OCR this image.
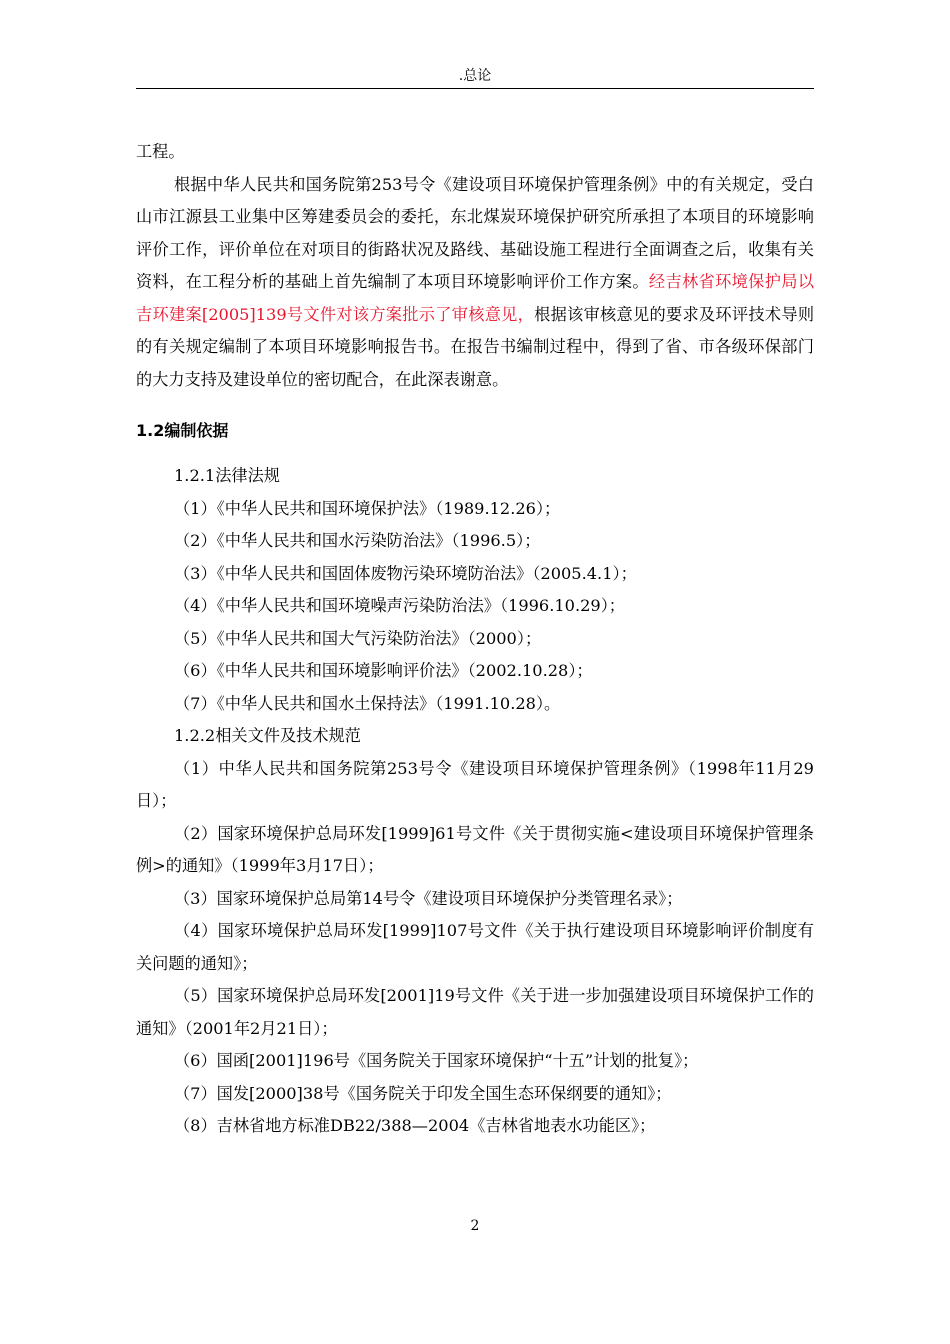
.总论

工程。

根据中华人民共和国务院第253号令《建设项目环境保护管理条例》中的有关规定，受白山市江源县工业集中区筹建委员会的委托，东北煤炭环境保护研究所承担了本项目的环境影响评价工作，评价单位在对项目的街路状况及路线、基础设施工程进行全面调查之后，收集有关资料，在工程分析的基础上首先编制了本项目环境影响评价工作方案。经吉林省环境保护局以吉环建案[2005]139号文件对该方案批示了审核意见，根据该审核意见的要求及环评技术导则的有关规定编制了本项目环境影响报告书。在报告书编制过程中，得到了省、市各级环保部门的大力支持及建设单位的密切配合，在此深表谢意。

1.2编制依据

1.2.1法律法规

（1）《中华人民共和国环境保护法》（1989.12.26）；

（2）《中华人民共和国水污染防治法》（1996.5）；

（3）《中华人民共和国固体废物污染环境防治法》（2005.4.1）；

（4）《中华人民共和国环境噪声污染防治法》（1996.10.29）；

（5）《中华人民共和国大气污染防治法》（2000）；

（6）《中华人民共和国环境影响评价法》（2002.10.28）；

（7）《中华人民共和国水土保持法》（1991.10.28）。

1.2.2相关文件及技术规范

（1）中华人民共和国务院第253号令《建设项目环境保护管理条例》（1998年11月29日）；

（2）国家环境保护总局环发[1999]61号文件《关于贯彻实施<建设项目环境保护管理条例>的通知》（1999年3月17日）；

（3）国家环境保护总局第14号令《建设项目环境保护分类管理名录》；

（4）国家环境保护总局环发[1999]107号文件《关于执行建设项目环境影响评价制度有关问题的通知》；

（5）国家环境保护总局环发[2001]19号文件《关于进一步加强建设项目环境保护工作的通知》（2001年2月21日）；

（6）国函[2001]196号《国务院关于国家环境保护“十五”计划的批复》；

（7）国发[2000]38号《国务院关于印发全国生态环保纲要的通知》；

（8）吉林省地方标准DB22/388—2004《吉林省地表水功能区》；

2
